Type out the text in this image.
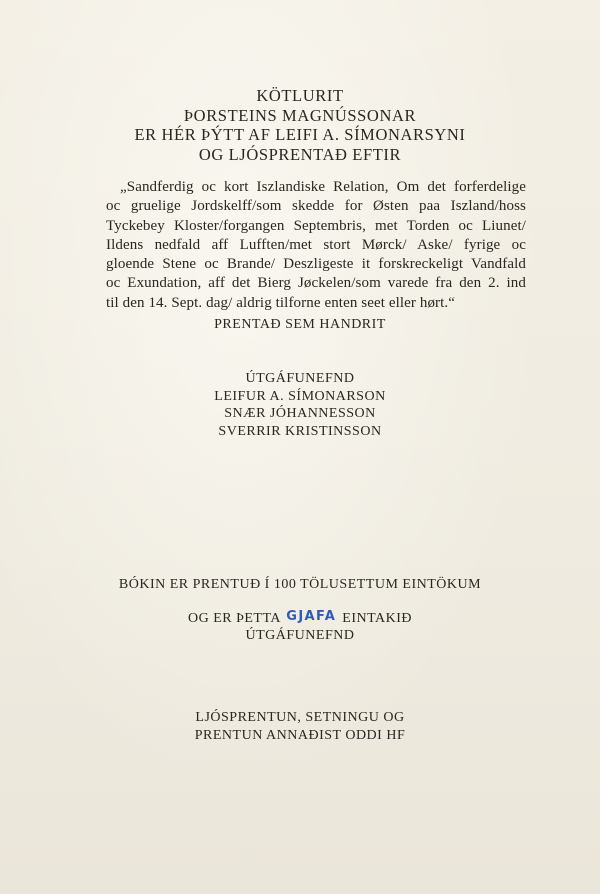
KÖTLURIT
ÞORSTEINS MAGNÚSSONAR
ER HÉR ÞÝTT AF LEIFI A. SÍMONARSYNI
OG LJÓSPRENTAÐ EFTIR
„Sandferdig oc kort Iszlandiske Relation, Om det forferdelige
oc gruelige Jordskelff/som skedde for Østen paa Iszland/hoss
Tyckebey Kloster/forgangen Septembris, met Torden oc Liunet/
Ildens nedfald aff Lufften/met stort Mørck/ Aske/ fyrige oc
gloende Stene oc Brande/ Deszligeste it forskreckeligt Vandfald
oc Exundation, aff det Bierg Jøckelen/som varede fra den 2. ind
til den 14. Sept. dag/ aldrig tilforne enten seet eller hørt.“
PRENTAÐ SEM HANDRIT
ÚTGÁFUNEFND
LEIFUR A. SÍMONARSON
SNÆR JÓHANNESSON
SVERRIR KRISTINSSON
BÓKIN ER PRENTUÐ Í 100 TÖLUSETTUM EINTÖKUM
OG ER ÞETTA GJAFA EINTAKIÐ
ÚTGÁFUNEFND
LJÓSPRENTUN, SETNINGU OG
PRENTUN ANNAÐIST ODDI HF
